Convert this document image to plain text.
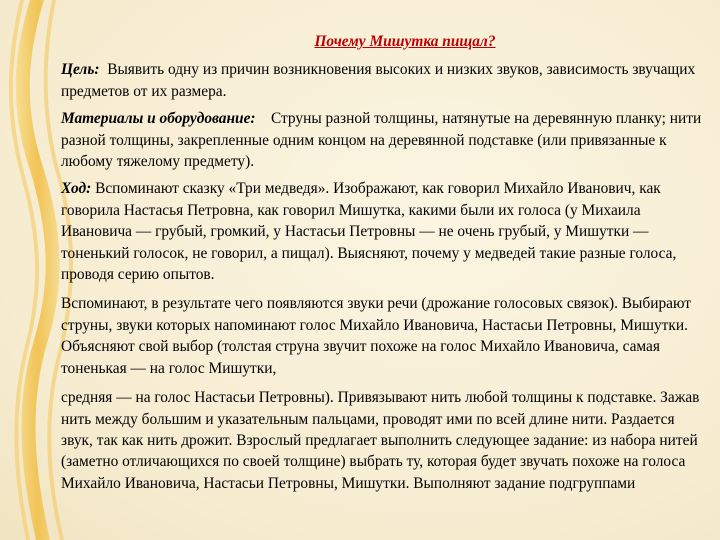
Почему Мишутка пищал?

Цель: Выявить одну из причин возникновения высоких и низких звуков, зависимость звучащих предметов от их размера.

Материалы и оборудование: Струны разной толщины, натянутые на деревянную планку; нити разной толщины, закрепленные одним концом на деревянной подставке (или привязанные к любому тяжелому предмету).

Ход: Вспоминают сказку «Три медведя». Изображают, как говорил Михайло Иванович, как говорила Настасья Петровна, как говорил Мишутка, какими были их голоса (у Михаила Ивановича — грубый, громкий, у Настасьи Петровны — не очень грубый, у Мишутки — тоненький голосок, не говорил, а пищал). Выясняют, почему у медведей такие разные голоса, проводя серию опытов.

Вспоминают, в результате чего появляются звуки речи (дрожание голосовых связок). Выбирают струны, звуки которых напоминают голос Михайло Ивановича, Настасьи Петровны, Мишутки. Объясняют свой выбор (толстая струна звучит похоже на голос Михайло Ивановича, самая тоненькая — на голос Мишутки,

средняя — на голос Настасьи Петровны). Привязывают нить любой толщины к подставке. Зажав нить между большим и указательным пальцами, проводят ими по всей длине нити. Раздается звук, так как нить дрожит. Взрослый предлагает выполнить следующее задание: из набора нитей (заметно отличающихся по своей толщине) выбрать ту, которая будет звучать похоже на голоса Михайло Ивановича, Настасьи Петровны, Мишутки. Выполняют задание подгруппами
